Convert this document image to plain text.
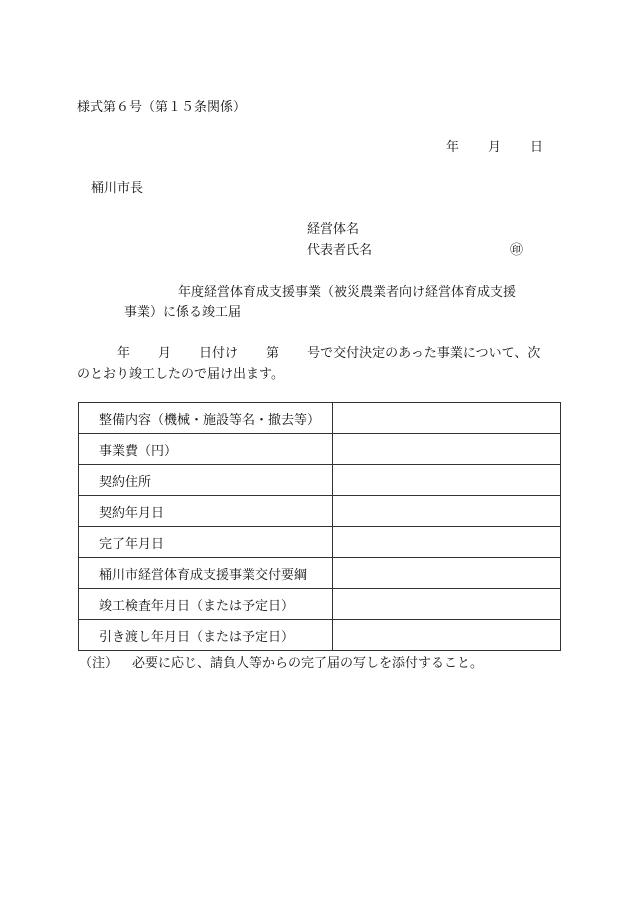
様式第６号（第１５条関係）
年 月 日
桶川市長
経営体名
代表者氏名	㊞
年度経営体育成支援事業（被災農業者向け経営体育成支援
事業）に係る竣工届
年 月 日付け 第 号で交付決定のあった事業について、次
のとおり竣工したので届け出ます。
整備内容（機械・施設等名・撤去等）	
事業費（円）	
契約住所	
契約年月日	
完了年月日	
桶川市経営体育成支援事業交付要綱	
竣工検査年月日（または予定日）	
引き渡し年月日（または予定日）	
（注） 必要に応じ、請負人等からの完了届の写しを添付すること。
